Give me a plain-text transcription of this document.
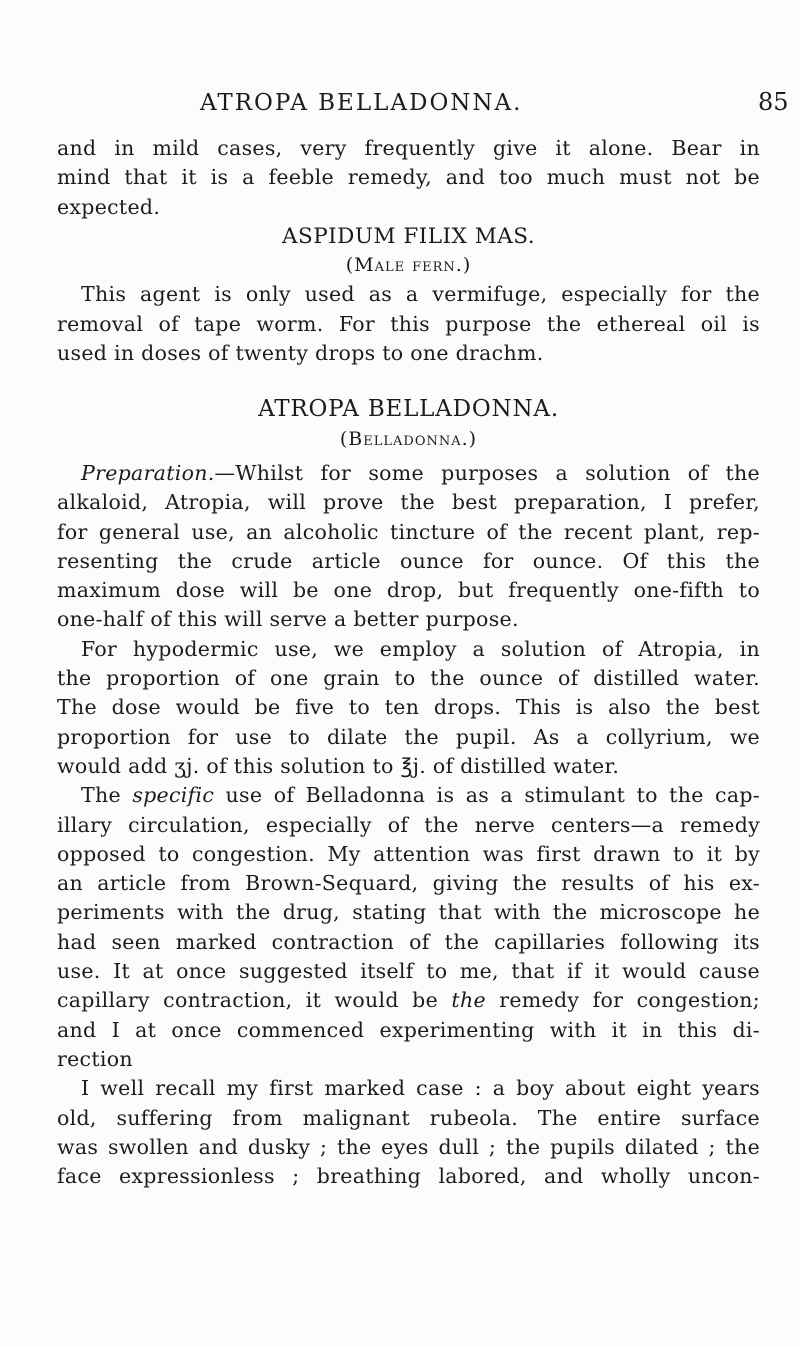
ATROPA BELLADONNA.	85
and in mild cases, very frequently give it alone. Bear in
mind that it is a feeble remedy, and too much must not be
expected.
ASPIDUM FILIX MAS.
(Male fern.)
This agent is only used as a vermifuge, especially for the
removal of tape worm. For this purpose the ethereal oil is
used in doses of twenty drops to one drachm.
ATROPA BELLADONNA.
(Belladonna.)
Preparation.—Whilst for some purposes a solution of the
alkaloid, Atropia, will prove the best preparation, I prefer,
for general use, an alcoholic tincture of the recent plant, rep-
resenting the crude article ounce for ounce. Of this the
maximum dose will be one drop, but frequently one-fifth to
one-half of this will serve a better purpose.
For hypodermic use, we employ a solution of Atropia, in
the proportion of one grain to the ounce of distilled water.
The dose would be five to ten drops. This is also the best
proportion for use to dilate the pupil. As a collyrium, we
would add ʒj. of this solution to ℥j. of distilled water.
The specific use of Belladonna is as a stimulant to the cap-
illary circulation, especially of the nerve centers—a remedy
opposed to congestion. My attention was first drawn to it by
an article from Brown-Sequard, giving the results of his ex-
periments with the drug, stating that with the microscope he
had seen marked contraction of the capillaries following its
use. It at once suggested itself to me, that if it would cause
capillary contraction, it would be the remedy for congestion;
and I at once commenced experimenting with it in this di-
rection
I well recall my first marked case : a boy about eight years
old, suffering from malignant rubeola. The entire surface
was swollen and dusky ; the eyes dull ; the pupils dilated ; the
face expressionless ; breathing labored, and wholly uncon-
